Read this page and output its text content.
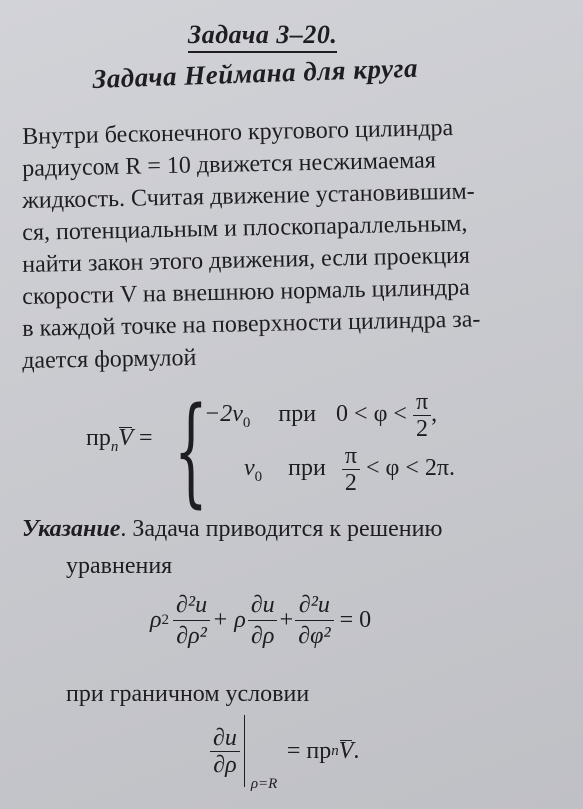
Задача 3–20.
Задача Неймана для круга
Внутри бесконечного кругового цилиндра
радиусом R = 10 движется несжимаемая
жидкость. Считая движение установившим-
ся, потенциальным и плоскопараллельным,
найти закон этого движения, если проекция
скорости V на внешнюю нормаль цилиндра
в каждой точке на поверхности цилиндра за-
дается формулой
$пр_nV$ = {
$-2v_0$ при $0 < \varphi < \frac{\pi}{2}$ ,
$v_0$ при $\frac{\pi}{2} < \varphi < 2\pi$.
Указание. Задача приводится к решению
уравнения
ρ $2 \frac{\text{∂²u}}{\text{∂ρ²}} + \rho \frac{\partial u}{\partial\rho} + \frac{\text{∂²u}}{\text{∂φ²}} = 0$
при граничном условии
$\frac{\partial u}{\partial\rho}$
ρ=R
= пр n V .
